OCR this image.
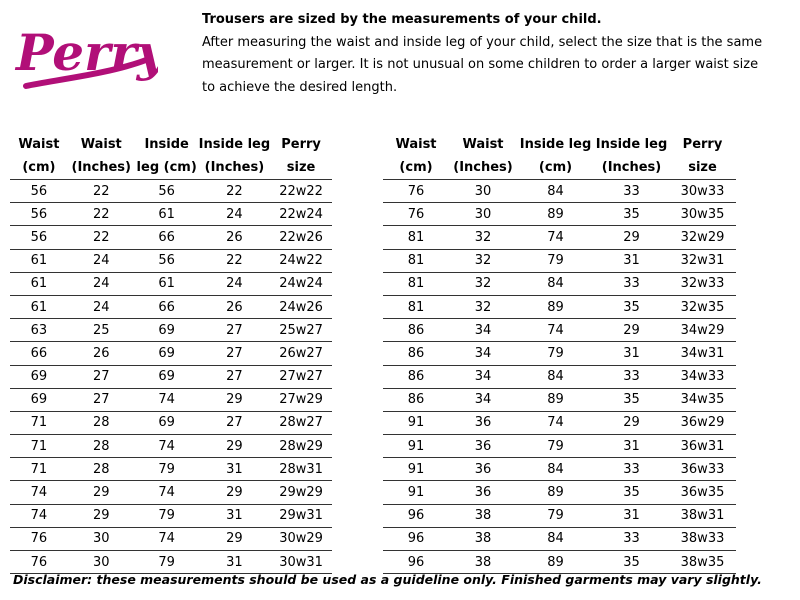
Perry
Trousers are sized by the measurements of your child.
After measuring the waist and inside leg of your child, select the size that is the same
measurement or larger. It is not unusual on some children to order a larger waist size
to achieve the desired length.
Waist	Waist	Inside	Inside leg	Perry
(cm)	(Inches)	leg (cm)	(Inches)	size
56	22	56	22	22w22
56	22	61	24	22w24
56	22	66	26	22w26
61	24	56	22	24w22
61	24	61	24	24w24
61	24	66	26	24w26
63	25	69	27	25w27
66	26	69	27	26w27
69	27	69	27	27w27
69	27	74	29	27w29
71	28	69	27	28w27
71	28	74	29	28w29
71	28	79	31	28w31
74	29	74	29	29w29
74	29	79	31	29w31
76	30	74	29	30w29
76	30	79	31	30w31
Waist	Waist	Inside leg	Inside leg	Perry
(cm)	(Inches)	(cm)	(Inches)	size
76	30	84	33	30w33
76	30	89	35	30w35
81	32	74	29	32w29
81	32	79	31	32w31
81	32	84	33	32w33
81	32	89	35	32w35
86	34	74	29	34w29
86	34	79	31	34w31
86	34	84	33	34w33
86	34	89	35	34w35
91	36	74	29	36w29
91	36	79	31	36w31
91	36	84	33	36w33
91	36	89	35	36w35
96	38	79	31	38w31
96	38	84	33	38w33
96	38	89	35	38w35
Disclaimer: these measurements should be used as a guideline only. Finished garments may vary slightly.
